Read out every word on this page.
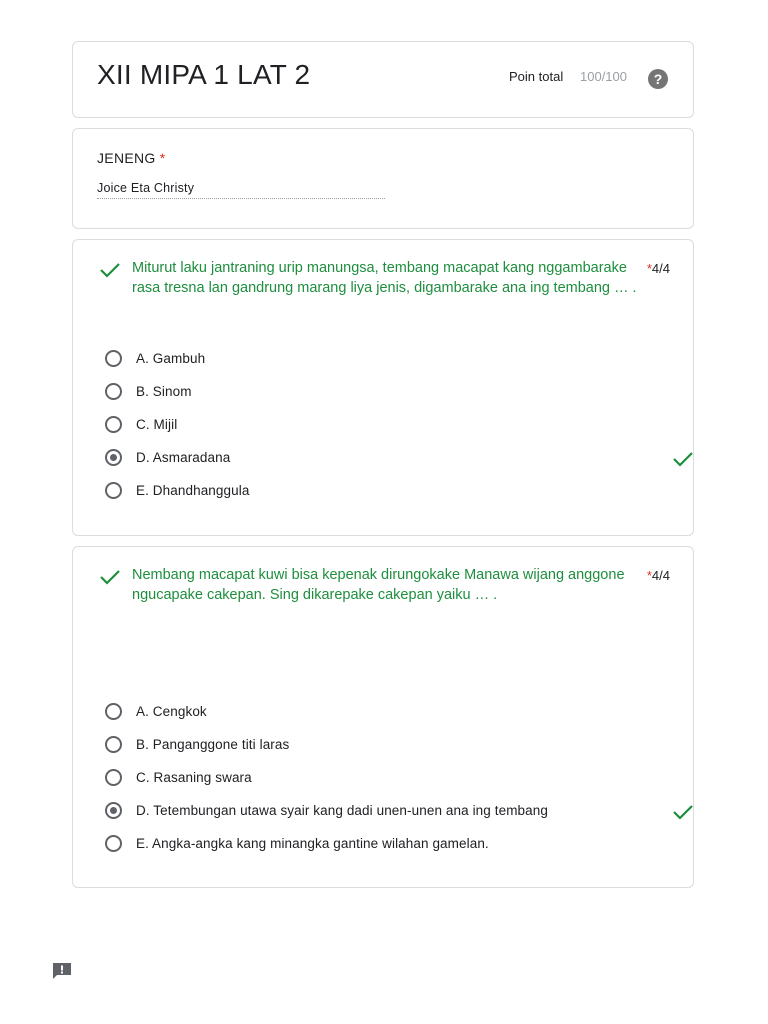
XII MIPA 1 LAT 2	Poin total 100/100	?
JENENG *
Joice Eta Christy
Miturut laku jantraning urip manungsa, tembang macapat kang nggambarake rasa tresna lan gandrung marang liya jenis, digambarake ana ing tembang … .
*4/4
A. Gambuh
B. Sinom
C. Mijil
D. Asmaradana
E. Dhandhanggula
Nembang macapat kuwi bisa kepenak dirungokake Manawa wijang anggone ngucapake cakepan. Sing dikarepake cakepan yaiku … .
*4/4
A. Cengkok
B. Panganggone titi laras
C. Rasaning swara
D. Tetembungan utawa syair kang dadi unen-unen ana ing tembang
E. Angka-angka kang minangka gantine wilahan gamelan.
